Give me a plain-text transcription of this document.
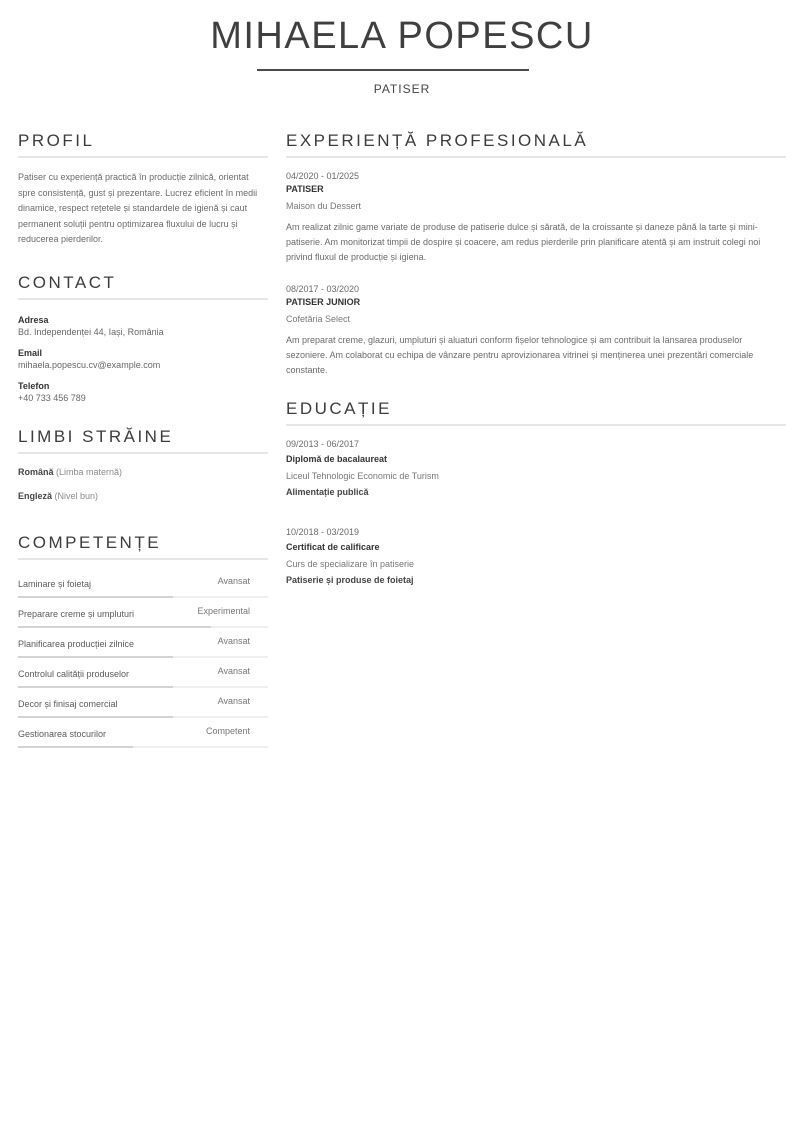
MIHAELA POPESCU
PATISER
PROFIL
Patiser cu experiență practică în producție zilnică, orientat spre consistență, gust și prezentare. Lucrez eficient în medii dinamice, respect rețetele și standardele de igienă și caut permanent soluții pentru optimizarea fluxului de lucru și reducerea pierderilor.
CONTACT
Adresa
Bd. Independenței 44, Iași, România
Email
mihaela.popescu.cv@example.com
Telefon
+40 733 456 789
LIMBI STRĂINE
Română (Limba maternă)
Engleză (Nivel bun)
COMPETENȚE
Laminare și foietaj	Avansat
Preparare creme și umpluturi	Experimental
Planificarea producției zilnice	Avansat
Controlul calității produselor	Avansat
Decor și finisaj comercial	Avansat
Gestionarea stocurilor	Competent
EXPERIENȚĂ PROFESIONALĂ
04/2020 - 01/2025
PATISER
Maison du Dessert
Am realizat zilnic game variate de produse de patiserie dulce și sărată, de la croissante și daneze până la tarte și mini-patiserie. Am monitorizat timpii de dospire și coacere, am redus pierderile prin planificare atentă și am instruit colegi noi privind fluxul de producție și igiena.
08/2017 - 03/2020
PATISER JUNIOR
Cofetăria Select
Am preparat creme, glazuri, umpluturi și aluaturi conform fișelor tehnologice și am contribuit la lansarea produselor sezoniere. Am colaborat cu echipa de vânzare pentru aprovizionarea vitrinei și menținerea unei prezentări comerciale constante.
EDUCAȚIE
09/2013 - 06/2017
Diplomă de bacalaureat
Liceul Tehnologic Economic de Turism
Alimentație publică
10/2018 - 03/2019
Certificat de calificare
Curs de specializare în patiserie
Patiserie și produse de foietaj
